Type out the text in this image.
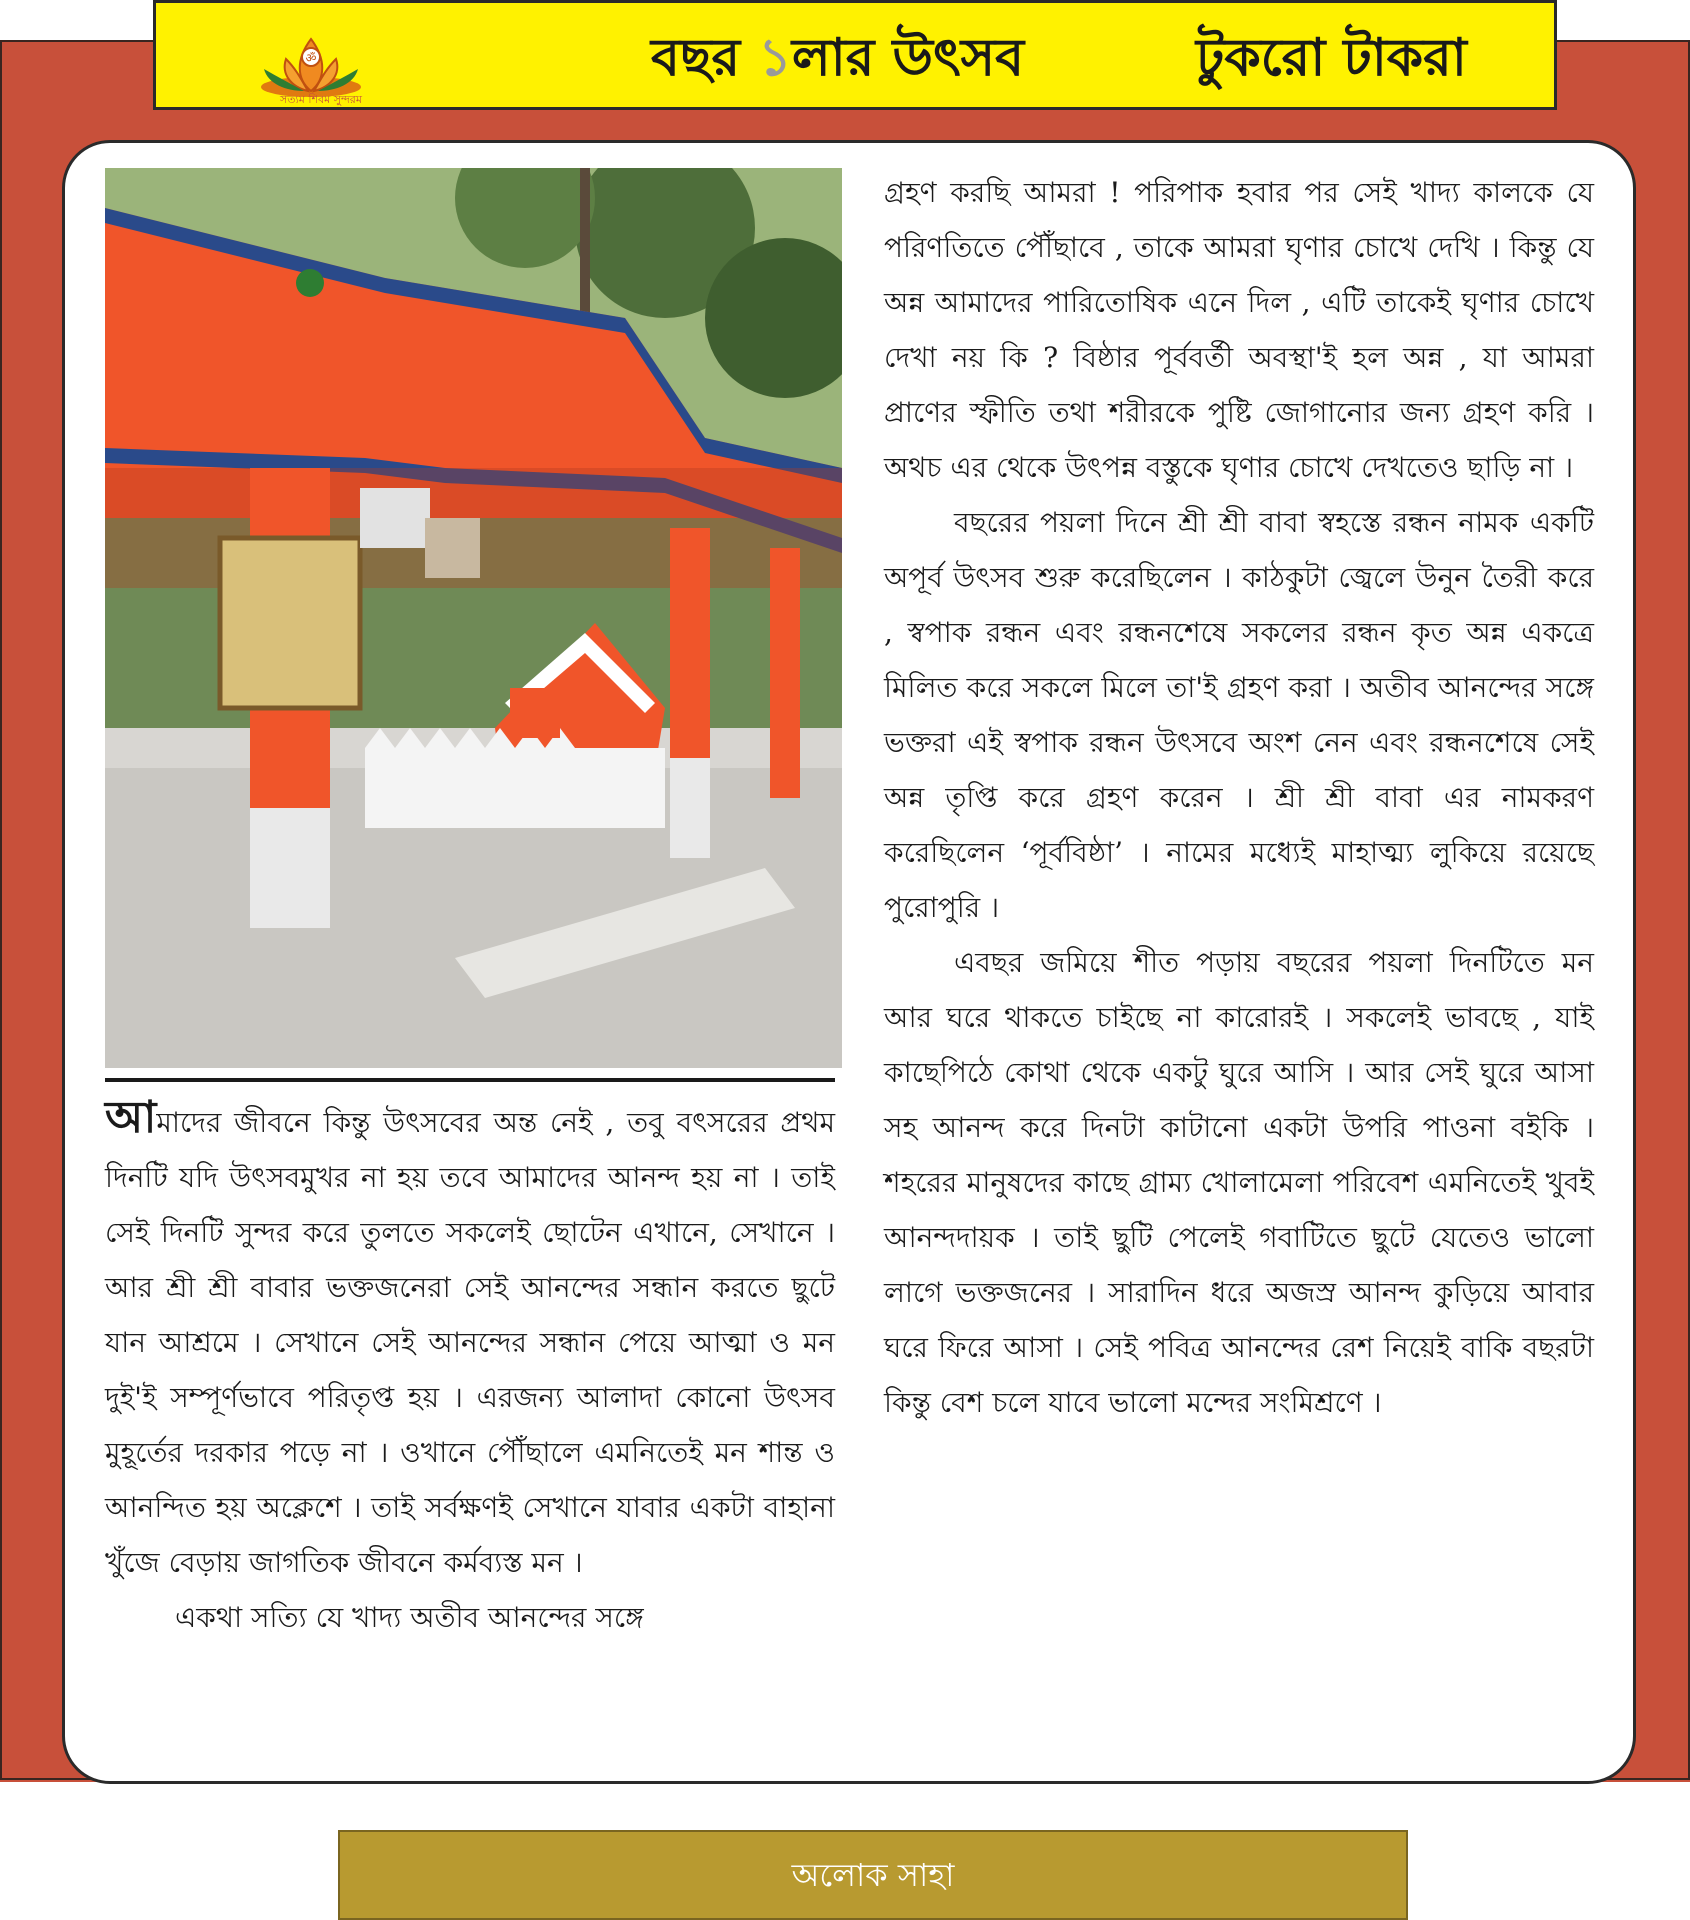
ॐ
সত্যম শিবম সুন্দরম
বছর ১লার উৎসব	টুকরো টাকরা

আমাদের জীবনে কিন্তু উৎসবের অন্ত নেই , তবু বৎসরের প্রথম দিনটি যদি উৎসবমুখর না হয় তবে আমাদের আনন্দ হয় না । তাই সেই দিনটি সুন্দর করে তুলতে সকলেই ছোটেন এখানে, সেখানে । আর শ্রী শ্রী বাবার ভক্তজনেরা সেই আনন্দের সন্ধান করতে ছুটে যান আশ্রমে । সেখানে সেই আনন্দের সন্ধান পেয়ে আত্মা ও মন দুই'ই সম্পূর্ণভাবে পরিতৃপ্ত হয় । এরজন্য আলাদা কোনো উৎসব মুহূর্তের দরকার পড়ে না । ওখানে পৌঁছালে এমনিতেই মন শান্ত ও আনন্দিত হয় অক্লেশে । তাই সর্বক্ষণই সেখানে যাবার একটা বাহানা খুঁজে বেড়ায় জাগতিক জীবনে কর্মব্যস্ত মন ।

একথা সত্যি যে খাদ্য অতীব আনন্দের সঙ্গে

গ্রহণ করছি আমরা ! পরিপাক হবার পর সেই খাদ্য কালকে যে পরিণতিতে পৌঁছাবে , তাকে আমরা ঘৃণার চোখে দেখি । কিন্তু যে অন্ন আমাদের পারিতোষিক এনে দিল , এটি তাকেই ঘৃণার চোখে দেখা নয় কি ? বিষ্ঠার পূর্ববর্তী অবস্থা'ই হল অন্ন , যা আমরা প্রাণের স্ফীতি তথা শরীরকে পুষ্টি জোগানোর জন্য গ্রহণ করি । অথচ এর থেকে উৎপন্ন বস্তুকে ঘৃণার চোখে দেখতেও ছাড়ি না ।

বছরের পয়লা দিনে শ্রী শ্রী বাবা স্বহস্তে রন্ধন নামক একটি অপূর্ব উৎসব শুরু করেছিলেন । কাঠকুটা জ্বেলে উনুন তৈরী করে , স্বপাক রন্ধন এবং রন্ধনশেষে সকলের রন্ধন কৃত অন্ন একত্রে মিলিত করে সকলে মিলে তা'ই গ্রহণ করা । অতীব আনন্দের সঙ্গে ভক্তরা এই স্বপাক রন্ধন উৎসবে অংশ নেন এবং রন্ধনশেষে সেই অন্ন তৃপ্তি করে গ্রহণ করেন । শ্রী শ্রী বাবা এর নামকরণ করেছিলেন ‘পূর্ববিষ্ঠা’ । নামের মধ্যেই মাহাত্ম্য লুকিয়ে রয়েছে পুরোপুরি ।

এবছর জমিয়ে শীত পড়ায় বছরের পয়লা দিনটিতে মন আর ঘরে থাকতে চাইছে না কারোরই । সকলেই ভাবছে , যাই কাছেপিঠে কোথা থেকে একটু ঘুরে আসি । আর সেই ঘুরে আসা সহ আনন্দ করে দিনটা কাটানো একটা উপরি পাওনা বইকি । শহরের মানুষদের কাছে গ্রাম্য খোলামেলা পরিবেশ এমনিতেই খুবই আনন্দদায়ক । তাই ছুটি পেলেই গবাটিতে ছুটে যেতেও ভালো লাগে ভক্তজনের । সারাদিন ধরে অজস্র আনন্দ কুড়িয়ে আবার ঘরে ফিরে আসা । সেই পবিত্র আনন্দের রেশ নিয়েই বাকি বছরটা কিন্তু বেশ চলে যাবে ভালো মন্দের সংমিশ্রণে ।

অলোক সাহা
